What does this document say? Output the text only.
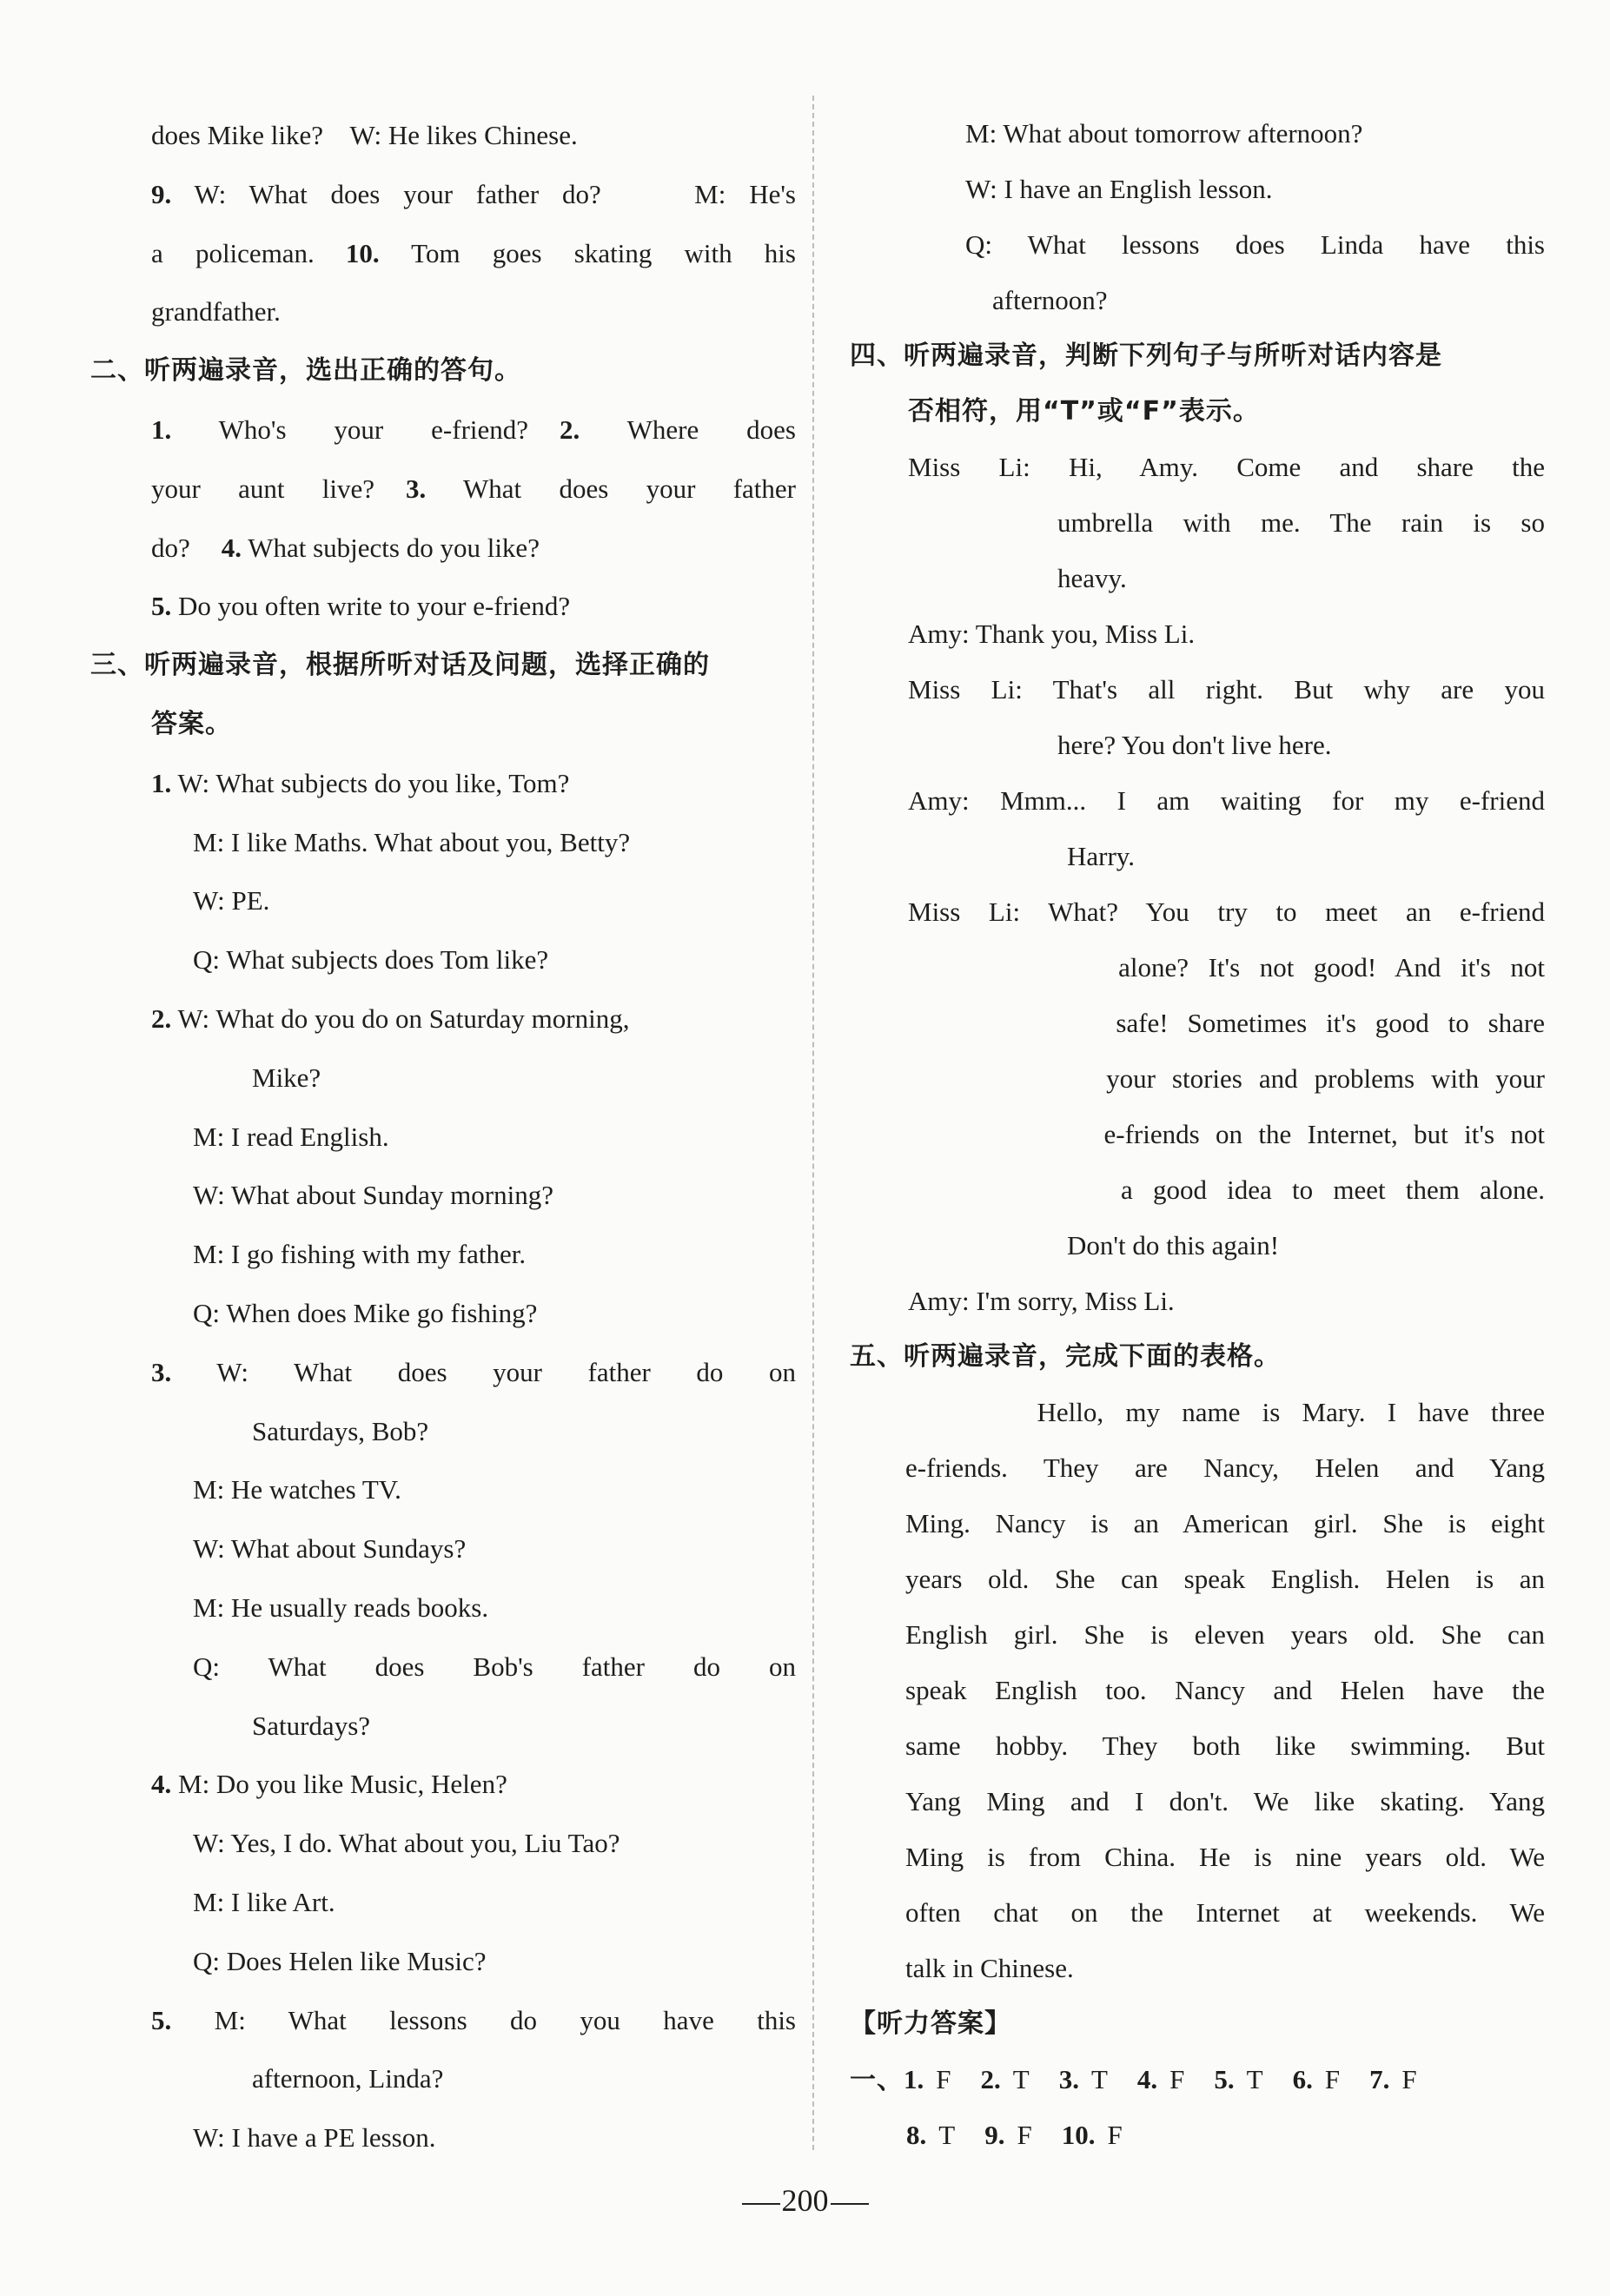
does Mike like?    W: He likes Chinese.
9. W: What does your father do?    M: He's
a policeman. 10. Tom goes skating with his
grandfather.
二、听两遍录音，选出正确的答句。
1. Who's your e-friend? 2. Where does
your aunt live? 3. What does your father
do? 4. What subjects do you like?
5. Do you often write to your e-friend?
三、听两遍录音，根据所听对话及问题，选择正确的
答案。
1. W: What subjects do you like, Tom?
M: I like Maths. What about you, Betty?
W: PE.
Q: What subjects does Tom like?
2. W: What do you do on Saturday morning,
Mike?
M: I read English.
W: What about Sunday morning?
M: I go fishing with my father.
Q: When does Mike go fishing?
3. W: What does your father do on
Saturdays, Bob?
M: He watches TV.
W: What about Sundays?
M: He usually reads books.
Q: What does Bob's father do on
Saturdays?
4. M: Do you like Music, Helen?
W: Yes, I do. What about you, Liu Tao?
M: I like Art.
Q: Does Helen like Music?
5. M: What lessons do you have this
afternoon, Linda?
W: I have a PE lesson.
M: What about tomorrow afternoon?
W: I have an English lesson.
Q: What lessons does Linda have this
afternoon?
四、听两遍录音，判断下列句子与所听对话内容是
否相符，用“T”或“F”表示。
Miss Li: Hi, Amy. Come and share the
umbrella with me. The rain is so
heavy.
Amy: Thank you, Miss Li.
Miss Li: That's all right. But why are you
here? You don't live here.
Amy: Mmm... I am waiting for my e-friend
Harry.
Miss Li: What? You try to meet an e-friend
alone? It's not good! And it's not
safe! Sometimes it's good to share
your stories and problems with your
e-friends on the Internet, but it's not
a good idea to meet them alone.
Don't do this again!
Amy: I'm sorry, Miss Li.
五、听两遍录音，完成下面的表格。
Hello, my name is Mary. I have three
e-friends. They are Nancy, Helen and Yang
Ming. Nancy is an American girl. She is eight
years old. She can speak English. Helen is an
English girl. She is eleven years old. She can
speak English too. Nancy and Helen have the
same hobby. They both like swimming. But
Yang Ming and I don't. We like skating. Yang
Ming is from China. He is nine years old. We
often chat on the Internet at weekends. We
talk in Chinese.
【听力答案】
一、1. F 2. T 3. T 4. F 5. T 6. F 7. F
8. T 9. F 10. F
200
